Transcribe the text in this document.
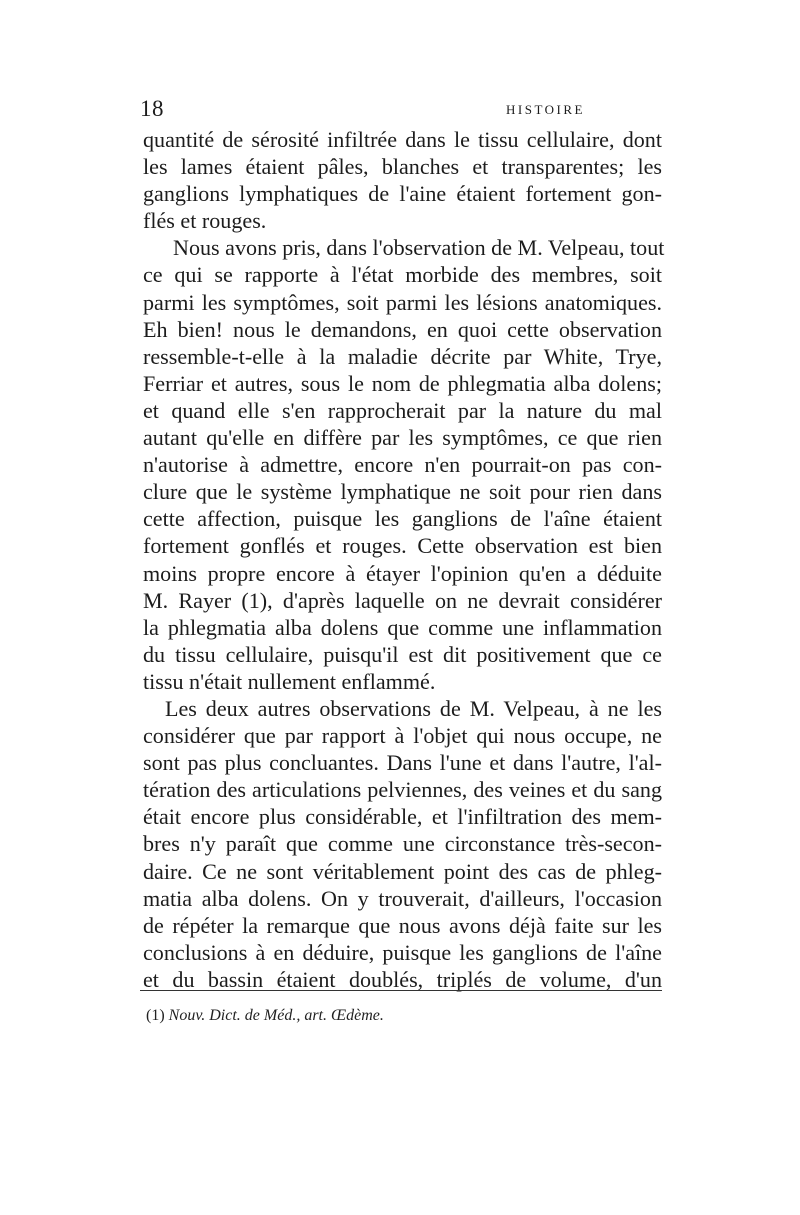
18	HISTOIRE

quantité de sérosité infiltrée dans le tissu cellulaire, dont
les lames étaient pâles, blanches et transparentes; les
ganglions lymphatiques de l'aine étaient fortement gon-
flés et rouges.

Nous avons pris, dans l'observation de M. Velpeau, tout
ce qui se rapporte à l'état morbide des membres, soit
parmi les symptômes, soit parmi les lésions anatomiques.
Eh bien! nous le demandons, en quoi cette observation
ressemble-t-elle à la maladie décrite par White, Trye,
Ferriar et autres, sous le nom de phlegmatia alba dolens;
et quand elle s'en rapprocherait par la nature du mal
autant qu'elle en diffère par les symptômes, ce que rien
n'autorise à admettre, encore n'en pourrait-on pas con-
clure que le système lymphatique ne soit pour rien dans
cette affection, puisque les ganglions de l'aîne étaient
fortement gonflés et rouges. Cette observation est bien
moins propre encore à étayer l'opinion qu'en a déduite
M. Rayer (1), d'après laquelle on ne devrait considérer
la phlegmatia alba dolens que comme une inflammation
du tissu cellulaire, puisqu'il est dit positivement que ce
tissu n'était nullement enflammé.

Les deux autres observations de M. Velpeau, à ne les
considérer que par rapport à l'objet qui nous occupe, ne
sont pas plus concluantes. Dans l'une et dans l'autre, l'al-
tération des articulations pelviennes, des veines et du sang
était encore plus considérable, et l'infiltration des mem-
bres n'y paraît que comme une circonstance très-secon-
daire. Ce ne sont véritablement point des cas de phleg-
matia alba dolens. On y trouverait, d'ailleurs, l'occasion
de répéter la remarque que nous avons déjà faite sur les
conclusions à en déduire, puisque les ganglions de l'aîne
et du bassin étaient doublés, triplés de volume, d'un

(1) Nouv. Dict. de Méd., art. Œdème.
